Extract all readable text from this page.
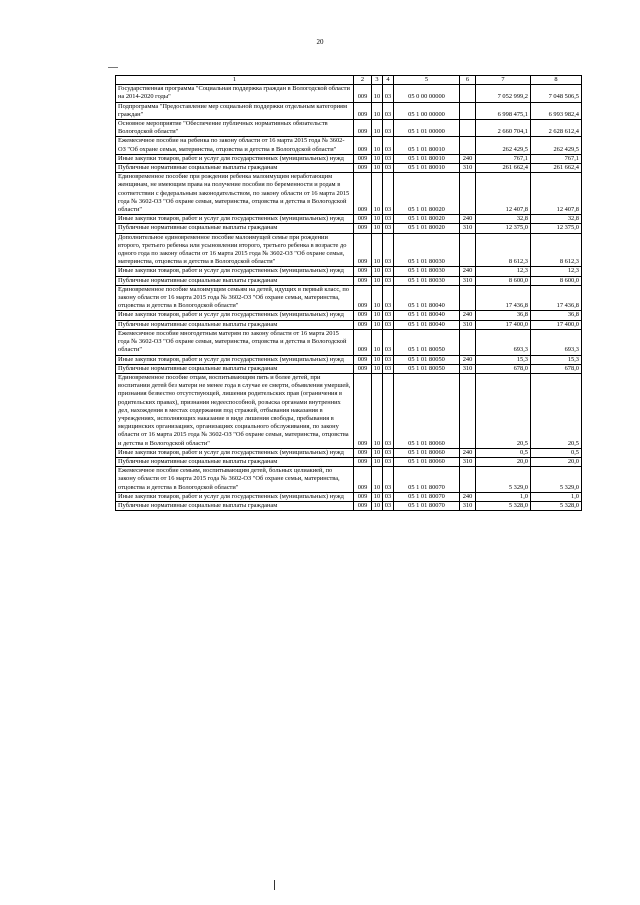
20
1	2	3	4	5	6	7	8
Государственная программа "Социальная поддержка граждан в Вологодской области на 2014-2020 годы"	009	10	03	05 0 00 00000		7 052 999,2	7 048 506,5
Подпрограмма "Предоставление мер социальной поддержки отдельным категориям граждан"	009	10	03	05 1 00 00000		6 998 475,1	6 993 982,4
Основное мероприятие "Обеспечение публичных нормативных обязательств Вологодской области"	009	10	03	05 1 01 00000		2 660 704,1	2 628 612,4
Ежемесячное пособие на ребенка по закону области от 16 марта 2015 года № 3602-ОЗ "Об охране семьи, материнства, отцовства и детства в Вологодской области"	009	10	03	05 1 01 80010		262 429,5	262 429,5
Иные закупки товаров, работ и услуг для государственных (муниципальных) нужд	009	10	03	05 1 01 80010	240	767,1	767,1
Публичные нормативные социальные выплаты гражданам	009	10	03	05 1 01 80010	310	261 662,4	261 662,4
Единовременное пособие при рождении ребенка малоимущим неработающим женщинам, не имеющим права на получение пособия по беременности и родам в соответствии с федеральным законодательством, по закону области от 16 марта 2015 года № 3602-ОЗ "Об охране семьи, материнства, отцовства и детства в Вологодской области"	009	10	03	05 1 01 80020		12 407,8	12 407,8
Иные закупки товаров, работ и услуг для государственных (муниципальных) нужд	009	10	03	05 1 01 80020	240	32,8	32,8
Публичные нормативные социальные выплаты гражданам	009	10	03	05 1 01 80020	310	12 375,0	12 375,0
Дополнительное единовременное пособие малоимущей семье при рождении второго, третьего ребенка или усыновлении второго, третьего ребенка в возрасте до одного года по закону области от 16 марта 2015 года № 3602-ОЗ "Об охране семьи, материнства, отцовства и детства в Вологодской области"	009	10	03	05 1 01 80030		8 612,3	8 612,3
Иные закупки товаров, работ и услуг для государственных (муниципальных) нужд	009	10	03	05 1 01 80030	240	12,3	12,3
Публичные нормативные социальные выплаты гражданам	009	10	03	05 1 01 80030	310	8 600,0	8 600,0
Единовременное пособие малоимущим семьям на детей, идущих в первый класс, по закону области от 16 марта 2015 года № 3602-ОЗ "Об охране семьи, материнства, отцовства и детства в Вологодской области"	009	10	03	05 1 01 80040		17 436,8	17 436,8
Иные закупки товаров, работ и услуг для государственных (муниципальных) нужд	009	10	03	05 1 01 80040	240	36,8	36,8
Публичные нормативные социальные выплаты гражданам	009	10	03	05 1 01 80040	310	17 400,0	17 400,0
Ежемесячное пособие многодетным матерям по закону области от 16 марта 2015 года № 3602-ОЗ "Об охране семьи, материнства, отцовства и детства в Вологодской области"	009	10	03	05 1 01 80050		693,3	693,3
Иные закупки товаров, работ и услуг для государственных (муниципальных) нужд	009	10	03	05 1 01 80050	240	15,3	15,3
Публичные нормативные социальные выплаты гражданам	009	10	03	05 1 01 80050	310	678,0	678,0
Единовременное пособие отцам, воспитывающим пять и более детей, при воспитании детей без матери не менее года в случае ее смерти, объявления умершей, признания безвестно отсутствующей, лишения родительских прав (ограничения в родительских правах), признания недееспособной, розыска органами внутренних дел, нахождения в местах содержания под стражей, отбывания наказания в учреждениях, исполняющих наказание в виде лишения свободы, пребывания в медицинских организациях, организациях социального обслуживания, по закону области от 16 марта 2015 года № 3602-ОЗ "Об охране семьи, материнства, отцовства и детства в Вологодской области"	009	10	03	05 1 01 80060		20,5	20,5
Иные закупки товаров, работ и услуг для государственных (муниципальных) нужд	009	10	03	05 1 01 80060	240	0,5	0,5
Публичные нормативные социальные выплаты гражданам	009	10	03	05 1 01 80060	310	20,0	20,0
Ежемесячное пособие семьям, воспитывающим детей, больных целиакией, по закону области от 16 марта 2015 года № 3602-ОЗ "Об охране семьи, материнства, отцовства и детства в Вологодской области"	009	10	03	05 1 01 80070		5 329,0	5 329,0
Иные закупки товаров, работ и услуг для государственных (муниципальных) нужд	009	10	03	05 1 01 80070	240	1,0	1,0
Публичные нормативные социальные выплаты гражданам	009	10	03	05 1 01 80070	310	5 328,0	5 328,0
